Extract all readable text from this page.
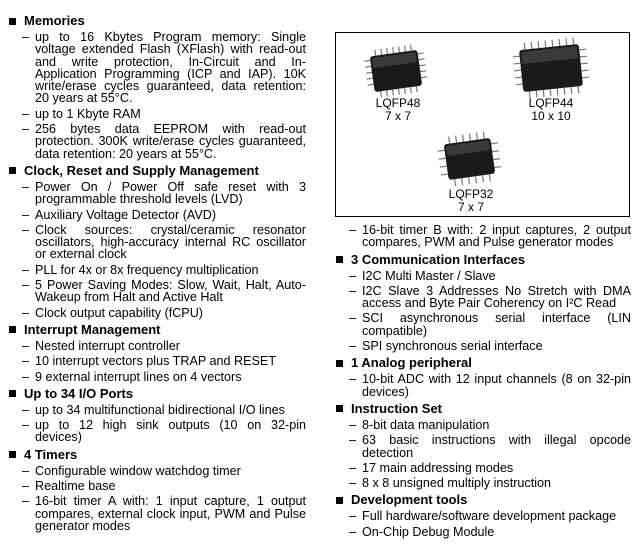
Memories
– up to 16 Kbytes Program memory: Single voltage extended Flash (XFlash) with read-out and write protection, In-Circuit and In-Application Programming (ICP and IAP). 10K write/erase cycles guaranteed, data retention: 20 years at 55°C.
– up to 1 Kbyte RAM
– 256 bytes data EEPROM with read-out protection. 300K write/erase cycles guaranteed, data retention: 20 years at 55°C.
Clock, Reset and Supply Management
– Power On / Power Off safe reset with 3 programmable threshold levels (LVD)
– Auxiliary Voltage Detector (AVD)
– Clock sources: crystal/ceramic resonator oscillators, high-accuracy internal RC oscillator or external clock
– PLL for 4x or 8x frequency multiplication
– 5 Power Saving Modes: Slow, Wait, Halt, Auto-Wakeup from Halt and Active Halt
– Clock output capability (fCPU)
Interrupt Management
– Nested interrupt controller
– 10 interrupt vectors plus TRAP and RESET
– 9 external interrupt lines on 4 vectors
Up to 34 I/O Ports
– up to 34 multifunctional bidirectional I/O lines
– up to 12 high sink outputs (10 on 32-pin devices)
4 Timers
– Configurable window watchdog timer
– Realtime base
– 16-bit timer A with: 1 input capture, 1 output compares, external clock input, PWM and Pulse generator modes
LQFP48
7 x 7
LQFP44
10 x 10
LQFP32
7 x 7
– 16-bit timer B with: 2 input captures, 2 output compares, PWM and Pulse generator modes
3 Communication Interfaces
– I2C Multi Master / Slave
– I2C Slave 3 Addresses No Stretch with DMA access and Byte Pair Coherency on I²C Read
– SCI asynchronous serial interface (LIN compatible)
– SPI synchronous serial interface
1 Analog peripheral
– 10-bit ADC with 12 input channels (8 on 32-pin devices)
Instruction Set
– 8-bit data manipulation
– 63 basic instructions with illegal opcode detection
– 17 main addressing modes
– 8 x 8 unsigned multiply instruction
Development tools
– Full hardware/software development package
– On-Chip Debug Module
